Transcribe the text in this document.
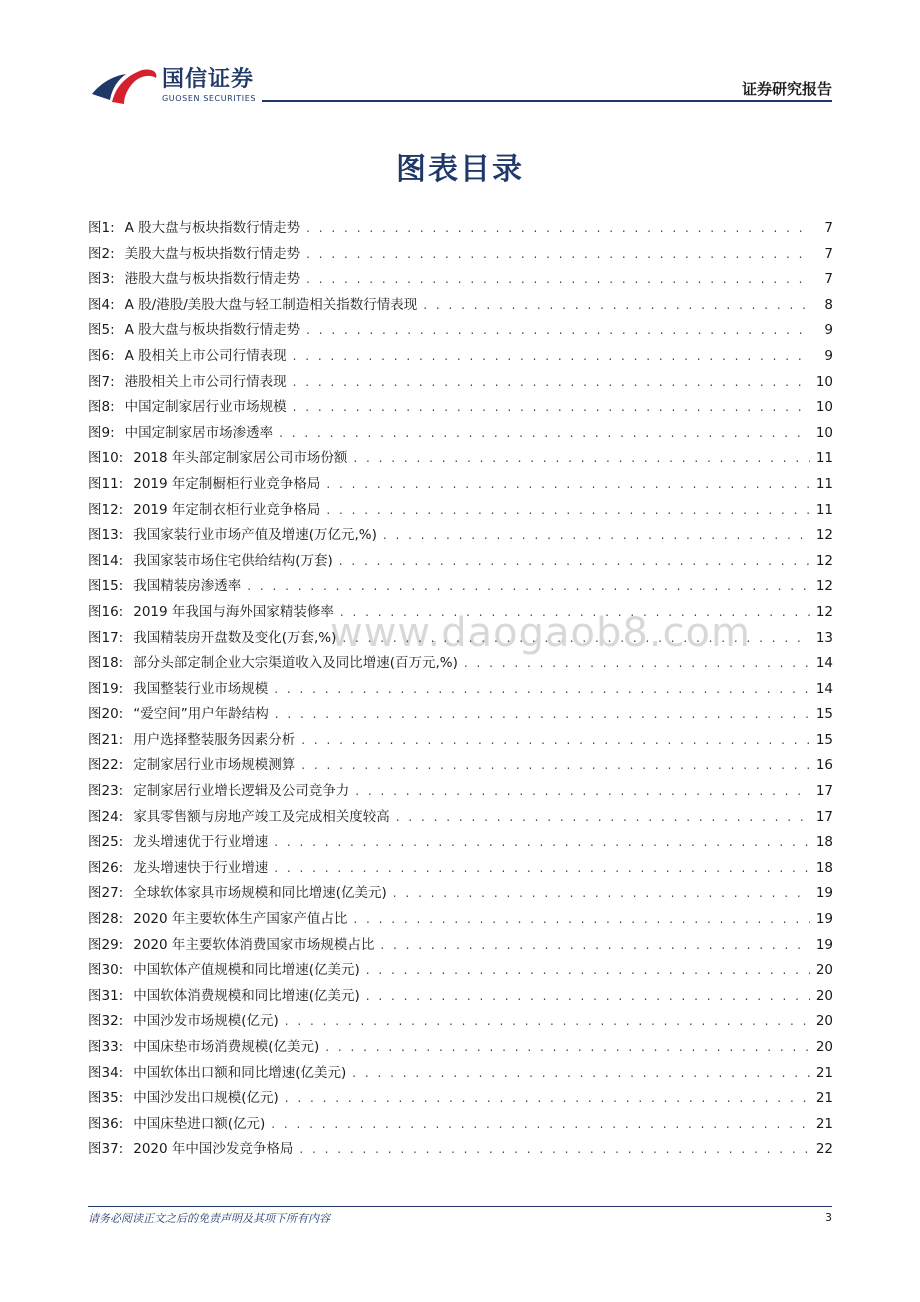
国信证券
GUOSEN SECURITIES
证券研究报告
图表目录
www.daogaob8.com
图1: A 股大盘与板块指数行情走势 . . .	7
图2: 美股大盘与板块指数行情走势 . . .	7
图3: 港股大盘与板块指数行情走势 . . .	7
图4: A 股/港股/美股大盘与轻工制造相关指数行情表现 . . .	8
图5: A 股大盘与板块指数行情走势 . . .	9
图6: A 股相关上市公司行情表现 . . .	9
图7: 港股相关上市公司行情表现 . . .	10
图8: 中国定制家居行业市场规模 . . .	10
图9: 中国定制家居市场渗透率 . . .	10
图10: 2018 年头部定制家居公司市场份额 . . .	11
图11: 2019 年定制橱柜行业竞争格局 . . .	11
图12: 2019 年定制衣柜行业竞争格局 . . .	11
图13: 我国家装行业市场产值及增速(万亿元,%) . . .	12
图14: 我国家装市场住宅供给结构(万套) . . .	12
图15: 我国精装房渗透率 . . .	12
图16: 2019 年我国与海外国家精装修率 . . .	12
图17: 我国精装房开盘数及变化(万套,%) . . .	13
图18: 部分头部定制企业大宗渠道收入及同比增速(百万元,%) . . .	14
图19: 我国整装行业市场规模 . . .	14
图20: “爱空间”用户年龄结构 . . .	15
图21: 用户选择整装服务因素分析 . . .	15
图22: 定制家居行业市场规模测算 . . .	16
图23: 定制家居行业增长逻辑及公司竞争力 . . .	17
图24: 家具零售额与房地产竣工及完成相关度较高 . . .	17
图25: 龙头增速优于行业增速 . . .	18
图26: 龙头增速快于行业增速 . . .	18
图27: 全球软体家具市场规模和同比增速(亿美元) . . .	19
图28: 2020 年主要软体生产国家产值占比 . . .	19
图29: 2020 年主要软体消费国家市场规模占比 . . .	19
图30: 中国软体产值规模和同比增速(亿美元) . . .	20
图31: 中国软体消费规模和同比增速(亿美元) . . .	20
图32: 中国沙发市场规模(亿元) . . .	20
图33: 中国床垫市场消费规模(亿美元) . . .	20
图34: 中国软体出口额和同比增速(亿美元) . . .	21
图35: 中国沙发出口规模(亿元) . . .	21
图36: 中国床垫进口额(亿元) . . .	21
图37: 2020 年中国沙发竞争格局 . . .	22
请务必阅读正文之后的免责声明及其项下所有内容	3
